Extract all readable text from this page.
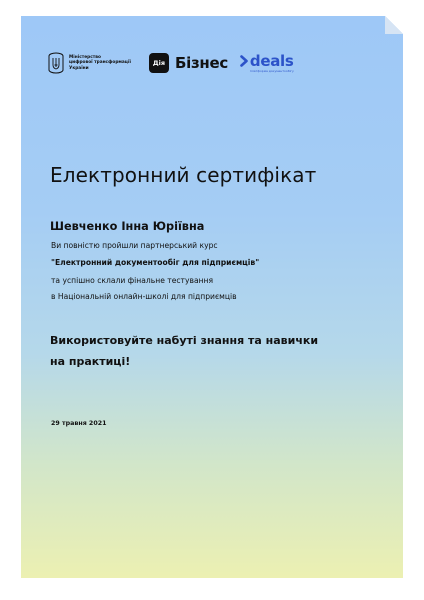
Міністерство
цифрової трансформації
України
Дія Бізнес deals
платформа документообігу
Електронний сертифікат
Шевченко Інна Юріївна
Ви повністю пройшли партнерський курс
"Електронний документообіг для підприємців"
та успішно склали фінальне тестування
в Національній онлайн-школі для підприємців
Використовуйте набуті знання та навички
на практиці!
29 травня 2021
